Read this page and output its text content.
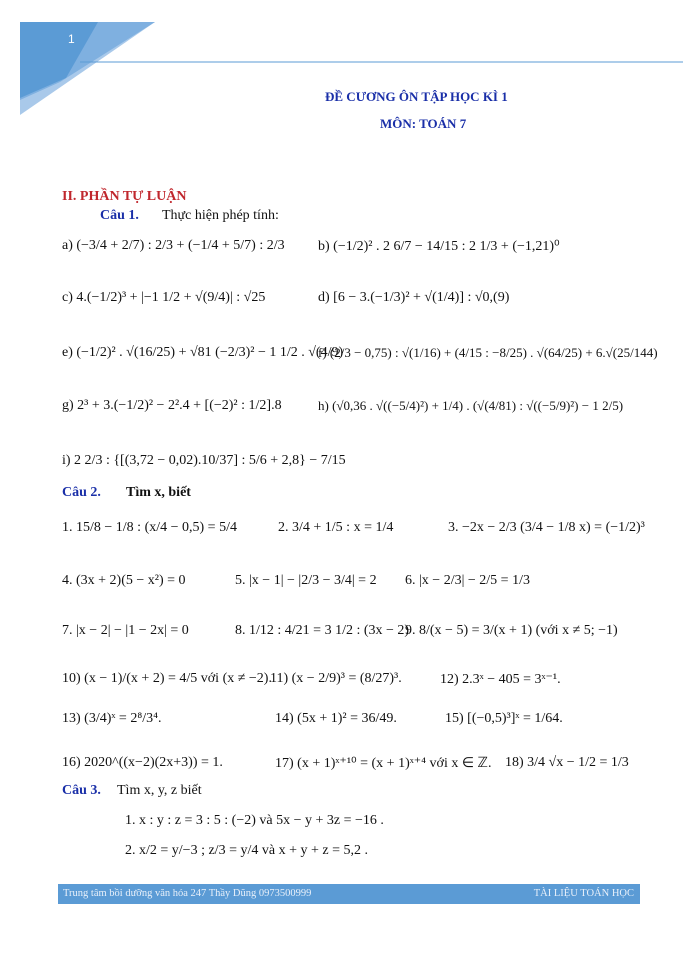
1
ĐỀ CƯƠNG ÔN TẬP HỌC KÌ 1
MÔN: TOÁN 7
II. PHẦN TỰ LUẬN
Câu 1. Thực hiện phép tính:
a) (−3/4 + 2/7) : 2/3 + (−1/4 + 5/7) : 2/3 b) (−1/2)² . 2 6/7 − 14/15 : 2 1/3 + (−1,21)⁰
c) 4.(−1/2)³ + |−1 1/2 + √(9/4)| : √25	d) [6 − 3.(−1/3)² + √(1/4)] : √0,(9)
e) (−1/2)² . √(16/25) + √81 (−2/3)² − 1 1/2 . √(4/9)
f) (2/3 − 0,75) : √(1/16) + (4/15 : −8/25) . √(64/25) + 6.√(25/144)
g) 2³ + 3.(−1/2)² − 2².4 + [(−2)² : 1/2].8	h) (√0,36 . √((−5/4)²) + 1/4) . (√(4/81) : √((−5/9)²) − 1 2/5)
i) 2 2/3 : {[(3,72 − 0,02).10/37] : 5/6 + 2,8} − 7/15
Câu 2. Tìm x, biết
1. 15/8 − 1/8 : (x/4 − 0,5) = 5/4	2. 3/4 + 1/5 : x = 1/4	3. −2x − 2/3 (3/4 − 1/8 x) = (−1/2)³
4. (3x + 2)(5 − x²) = 0	5. |x − 1| − |2/3 − 3/4| = 2 6. |x − 2/3| − 2/5 = 1/3
7. |x − 2| − |1 − 2x| = 0	8. 1/12 : 4/21 = 3 1/2 : (3x − 2)
9. 8/(x − 5) = 3/(x + 1) (với x ≠ 5; −1)
10) (x − 1)/(x + 2) = 4/5 với (x ≠ −2).
11) (x − 2/9)³ = (8/27)³.	12) 2.3ˣ − 405 = 3ˣ⁻¹.
13) (3/4)ˣ = 2⁸/3⁴.	14) (5x + 1)² = 36/49.	15) [(−0,5)³]ˣ = 1/64.
16) 2020^((x−2)(2x+3)) = 1.	17) (x + 1)ˣ⁺¹⁰ = (x + 1)ˣ⁺⁴ với x ∈ ℤ. 18) 3/4 √x − 1/2 = 1/3
Câu 3. Tìm x, y, z biết
1. x : y : z = 3 : 5 : (−2) và 5x − y + 3z = −16 .
2. x/2 = y/−3 ; z/3 = y/4 và x + y + z = 5,2 .
Trung tâm bồi dưỡng văn hóa 247 Thầy Dũng 0973500999	TÀI LIỆU TOÁN HỌC
